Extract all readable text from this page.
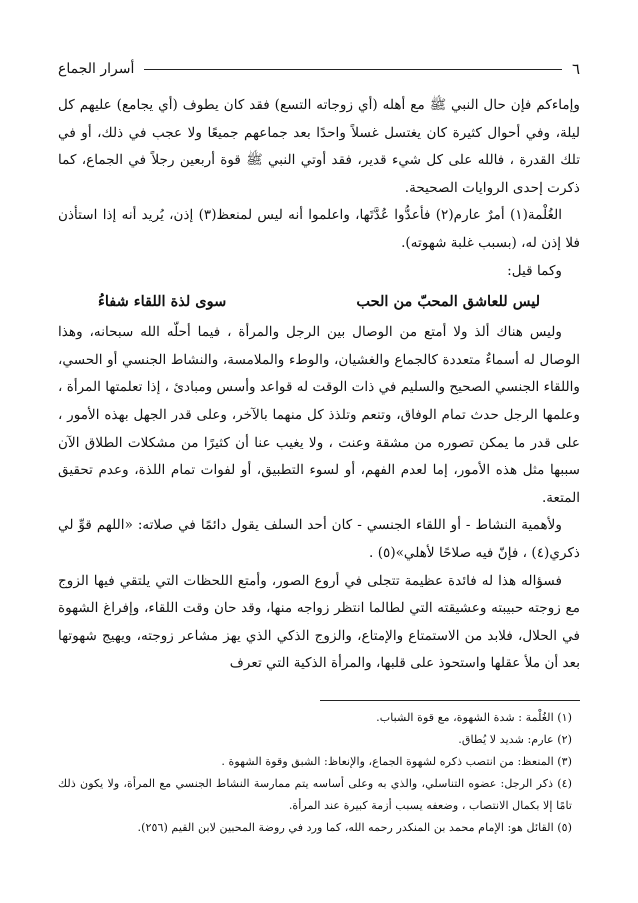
٦
أسرار الجماع

وإماءكم فإن حال النبي ﷺ مع أهله (أي زوجاته التسع) فقد كان يطوف (أي يجامع) عليهم كل ليلة، وفي أحوال كثيرة كان يغتسل غسلاً واحدًا بعد جماعهم جميعًا ولا عجب في ذلك، أو في تلك القدرة ، فالله على كل شيء قدير، فقد أوتي النبي ﷺ قوة أربعين رجلاً في الجماع، كما ذكرت إحدى الروايات الصحيحة.

الغُلْمة(١) أمرٌ عارم(٢) فأعدُّوا عُدَّتَها، واعلموا أنه ليس لمنعظ(٣) إذن، يُريد أنه إذا استأذن فلا إذن له، (بسبب غلبة شهوته).

وكما قيل:

ليس للعاشق المحبّ من الحب
سوى لذة اللقاء شفاءُ

وليس هناك ألذ ولا أمتع من الوصال بين الرجل والمرأة ، فيما أحلّه الله سبحانه، وهذا الوصال له أسماءٌ متعددة كالجماع والغشيان، والوطء والملامسة، والنشاط الجنسي أو الحسي، واللقاء الجنسي الصحيح والسليم في ذات الوقت له قواعد وأسس ومبادئ ، إذا تعلمتها المرأة ، وعلمها الرجل حدث تمام الوفاق، وتنعم وتلذذ كل منهما بالآخر، وعلى قدر الجهل بهذه الأمور ، على قدر ما يمكن تصوره من مشقة وعنت ، ولا يغيب عنا أن كثيرًا من مشكلات الطلاق الآن سببها مثل هذه الأمور، إما لعدم الفهم، أو لسوء التطبيق، أو لفوات تمام اللذة، وعدم تحقيق المتعة.

ولأهمية النشاط - أو اللقاء الجنسي - كان أحد السلف يقول دائمًا في صلاته: «اللهم قوِّ لي ذكري(٤) ، فإنّ فيه صلاحًا لأهلي»(٥) .

فسؤاله هذا له فائدة عظيمة تتجلى في أروع الصور، وأمتع اللحظات التي يلتقي فيها الزوج مع زوجته حبيبته وعشيقته التي لطالما انتظر زواجه منها، وقد حان وقت اللقاء، وإفراغ الشهوة في الحلال، فلابد من الاستمتاع والإمتاع، والزوج الذكي الذي يهز مشاعر زوجته، ويهيج شهوتها بعد أن ملأ عقلها واستحوذ على قلبها، والمرأة الذكية التي تعرف

(١) الغُلْمة : شدة الشهوة، مع قوة الشباب.

(٢) عارم: شديد لا يُطاق.

(٣) المنعظ: من انتصب ذكره لشهوة الجماع، والإنعاظ: الشبق وقوة الشهوة .

(٤) ذكر الرجل: عضوه التناسلي، والذي به وعلى أساسه يتم ممارسة النشاط الجنسي مع المرأة، ولا يكون ذلك تامًا إلا بكمال الانتصاب ، وضعفه يسبب أزمة كبيرة عند المرأة.

(٥) القائل هو: الإمام محمد بن المنكدر رحمه الله، كما ورد في روضة المحبين لابن القيم (٢٥٦).
